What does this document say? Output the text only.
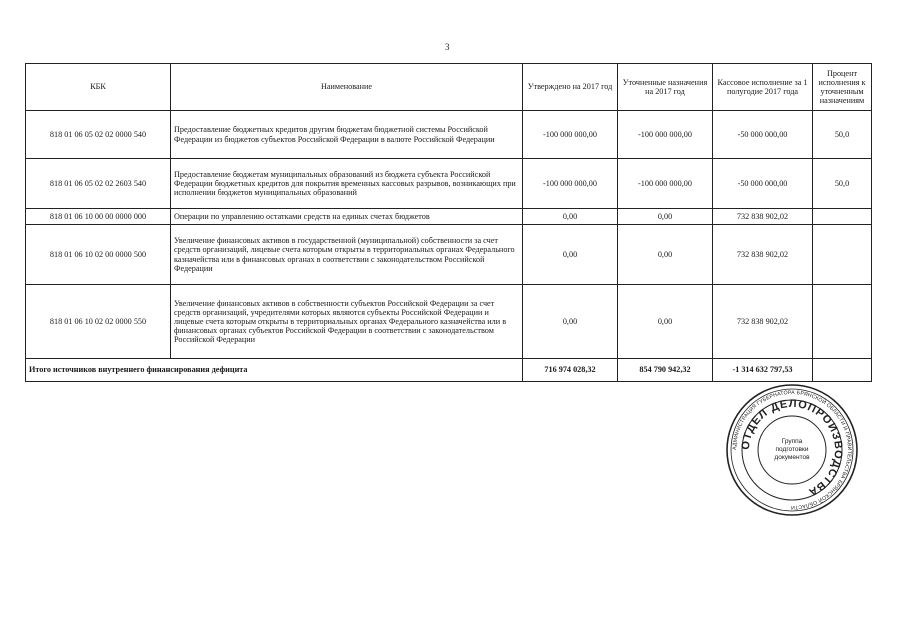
3
КБК	Наименование	Утверждено на 2017 год	Уточненные назначения на 2017 год	Кассовое исполнение за 1 полугодие 2017 года	Процент исполнения к уточненным назначениям
818 01 06 05 02 02 0000 540	Предоставление бюджетных кредитов другим бюджетам бюджетной системы Российской Федерации из бюджетов субъектов Российской Федерации в валюте Российской Федерации	-100 000 000,00	-100 000 000,00	-50 000 000,00	50,0
818 01 06 05 02 02 2603 540	Предоставление бюджетам муниципальных образований из бюджета субъекта Российской Федерации бюджетных кредитов для покрытия временных кассовых разрывов, возникающих при исполнении бюджетов муниципальных образований	-100 000 000,00	-100 000 000,00	-50 000 000,00	50,0
818 01 06 10 00 00 0000 000	Операции по управлению остатками средств на единых счетах бюджетов	0,00	0,00	732 838 902,02	
818 01 06 10 02 00 0000 500	Увеличение финансовых активов в государственной (муниципальной) собственности за счет средств организаций, лицевые счета которым открыты в территориальных органах Федерального казначейства или в финансовых органах в соответствии с законодательством Российской Федерации	0,00	0,00	732 838 902,02	
818 01 06 10 02 02 0000 550	Увеличение финансовых активов в собственности субъектов Российской Федерации за счет средств организаций, учредителями которых являются субъекты Российской Федерации и лицевые счета которым открыты в территориальных органах Федерального казначейства или в финансовых органах субъектов Российской Федерации в соответствии с законодательством Российской Федерации	0,00	0,00	732 838 902,02	
Итого источников внутреннего финансирования дефицита		716 974 028,32	854 790 942,32	-1 314 632 797,53	
АДМИНИСТРАЦИЯ ГУБЕРНАТОРА БРЯНСКОЙ ОБЛАСТИ И ПРАВИТЕЛЬСТВА БРЯНСКОЙ ОБЛАСТИ
ОТДЕЛ ДЕЛОПРОИЗВОДСТВА
Группа
подготовки
документов
